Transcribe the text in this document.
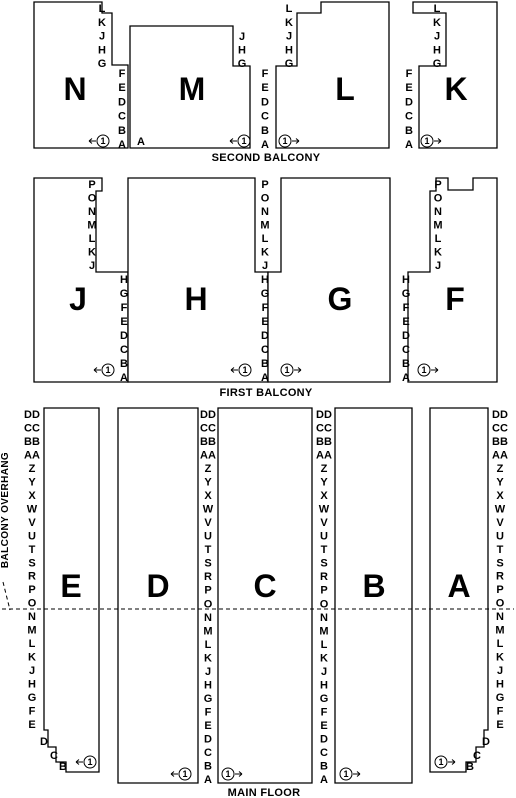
N	M	L	K
L
K
J
H
G
F
E
D
C
B
A A
J
H
G
L
K
J
H
G
F
E
D
C
B
A
L
K
J
H
G
F
E
D
C
B
A
SECOND BALCONY
J	H	G	F
P
O
N
M
L
K
J
H
G
F
E
D
C
B
A
P
O
N
M
L
K
J
H
G
F
E
D
C
B
A
P
O
N
M
L
K
J
H
G
F
E
D
C
B
A
FIRST BALCONY
E D	C	B A
DD
CC
BB
AA
Z
Y
X
W
V
U
T
S
R
P
O
N
M
L
K
J
H
G
F
E
DD
CC
BB
AA
Z
Y
X
W
V
U
T
S
R
P
O
N
M
L
K
J
H
G
F
E
D
C
B
A
DD
CC
BB
AA
Z
Y
X
W
V
U
T
S
R
P
O
N
M
L
K
J
H
G
F
E
D
C
B
A
DD
CC
BB
AA
Z
Y
X
W
V
U
T
S
R
P
O
N
M
L
K
J
H
G
F
E
D
C
B
D
C
B
BALCONY OVERHANG
MAIN FLOOR
1	1	1	1
1	1	1	1
1
1	1	1
1
